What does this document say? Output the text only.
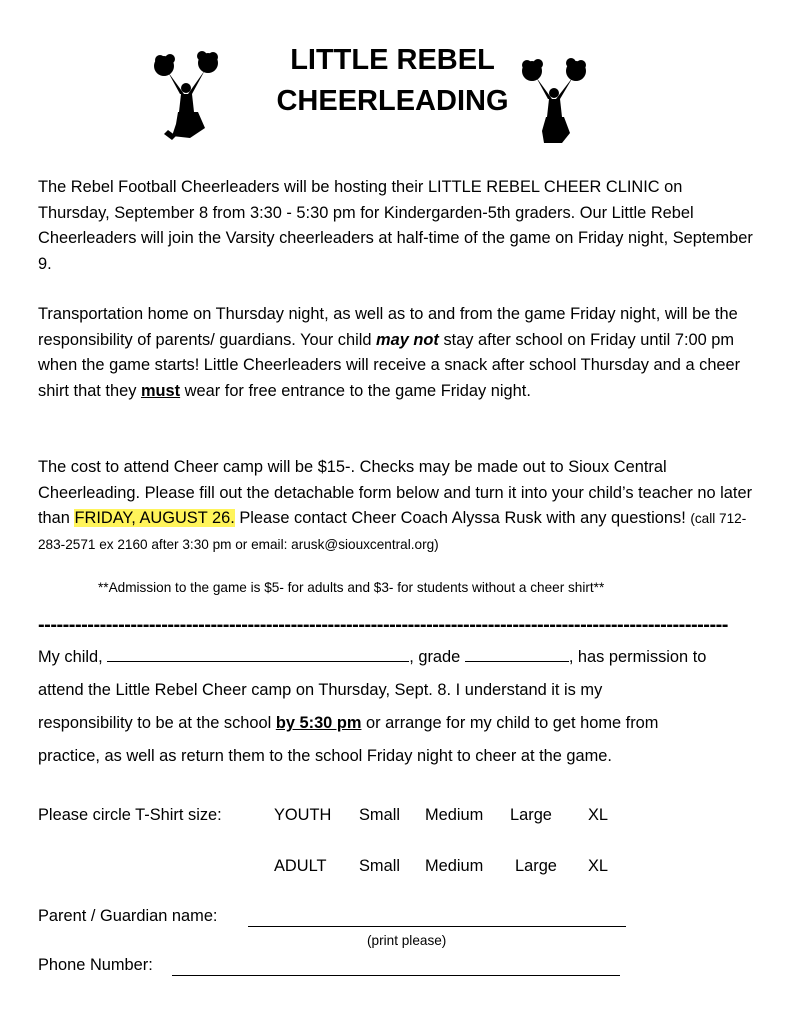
LITTLE REBEL
CHEERLEADING

The Rebel Football Cheerleaders will be hosting their LITTLE REBEL CHEER CLINIC on Thursday, September 8 from 3:30 - 5:30 pm for Kindergarden-5th graders. Our Little Rebel Cheerleaders will join the Varsity cheerleaders at half-time of the game on Friday night, September 9.

Transportation home on Thursday night, as well as to and from the game Friday night, will be the responsibility of parents/ guardians. Your child may not stay after school on Friday until 7:00 pm when the game starts! Little Cheerleaders will receive a snack after school Thursday and a cheer shirt that they must wear for free entrance to the game Friday night.

The cost to attend Cheer camp will be $15-. Checks may be made out to Sioux Central Cheerleading. Please fill out the detachable form below and turn it into your child’s teacher no later than FRIDAY, AUGUST 26. Please contact Cheer Coach Alyssa Rusk with any questions! (call 712-283-2571 ex 2160 after 3:30 pm or email: arusk@siouxcentral.org)

**Admission to the game is $5- for adults and $3- for students without a cheer shirt**
----------------------------------------------------------------------------------------------------------------
My child,	, grade	, has permission to
attend the Little Rebel Cheer camp on Thursday, Sept. 8. I understand it is my
responsibility to be at the school by 5:30 pm or arrange for my child to get home from
practice, as well as return them to the school Friday night to cheer at the game.
Please circle T-Shirt size:	YOUTH Small Medium Large XL
ADULT Small Medium Large XL
Parent / Guardian name:
(print please)
Phone Number:
